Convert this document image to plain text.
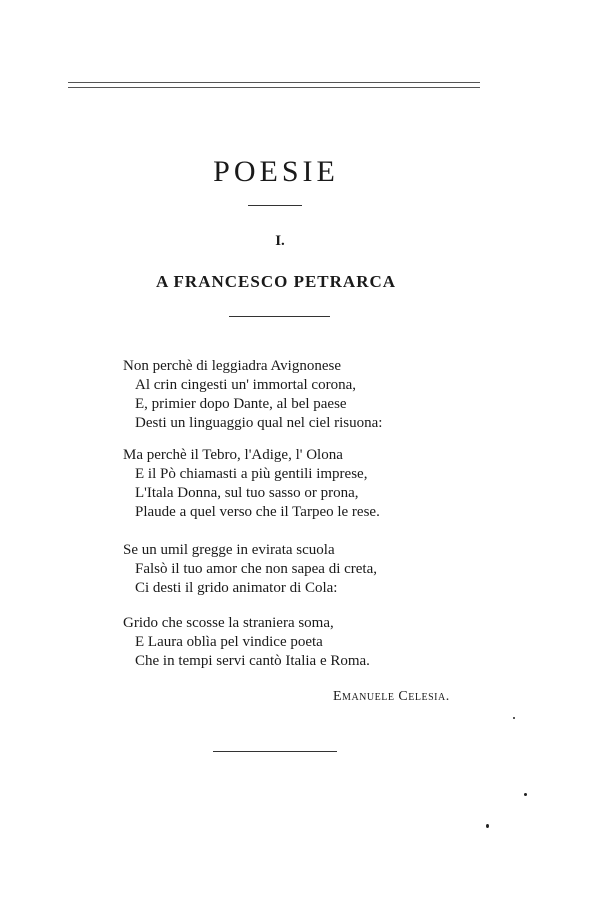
POESIE
I.
A FRANCESCO PETRARCA
Non perchè di leggiadra Avignonese
Al crin cingesti un' immortal corona,
E, primier dopo Dante, al bel paese
Desti un linguaggio qual nel ciel risuona:
Ma perchè il Tebro, l'Adige, l' Olona
E il Pò chiamasti a più gentili imprese,
L'Itala Donna, sul tuo sasso or prona,
Plaude a quel verso che il Tarpeo le rese.
Se un umil gregge in evirata scuola
Falsò il tuo amor che non sapea di creta,
Ci desti il grido animator di Cola:
Grido che scosse la straniera soma,
E Laura oblìa pel vindice poeta
Che in tempi servi cantò Italia e Roma.
Emanuele Celesia.
